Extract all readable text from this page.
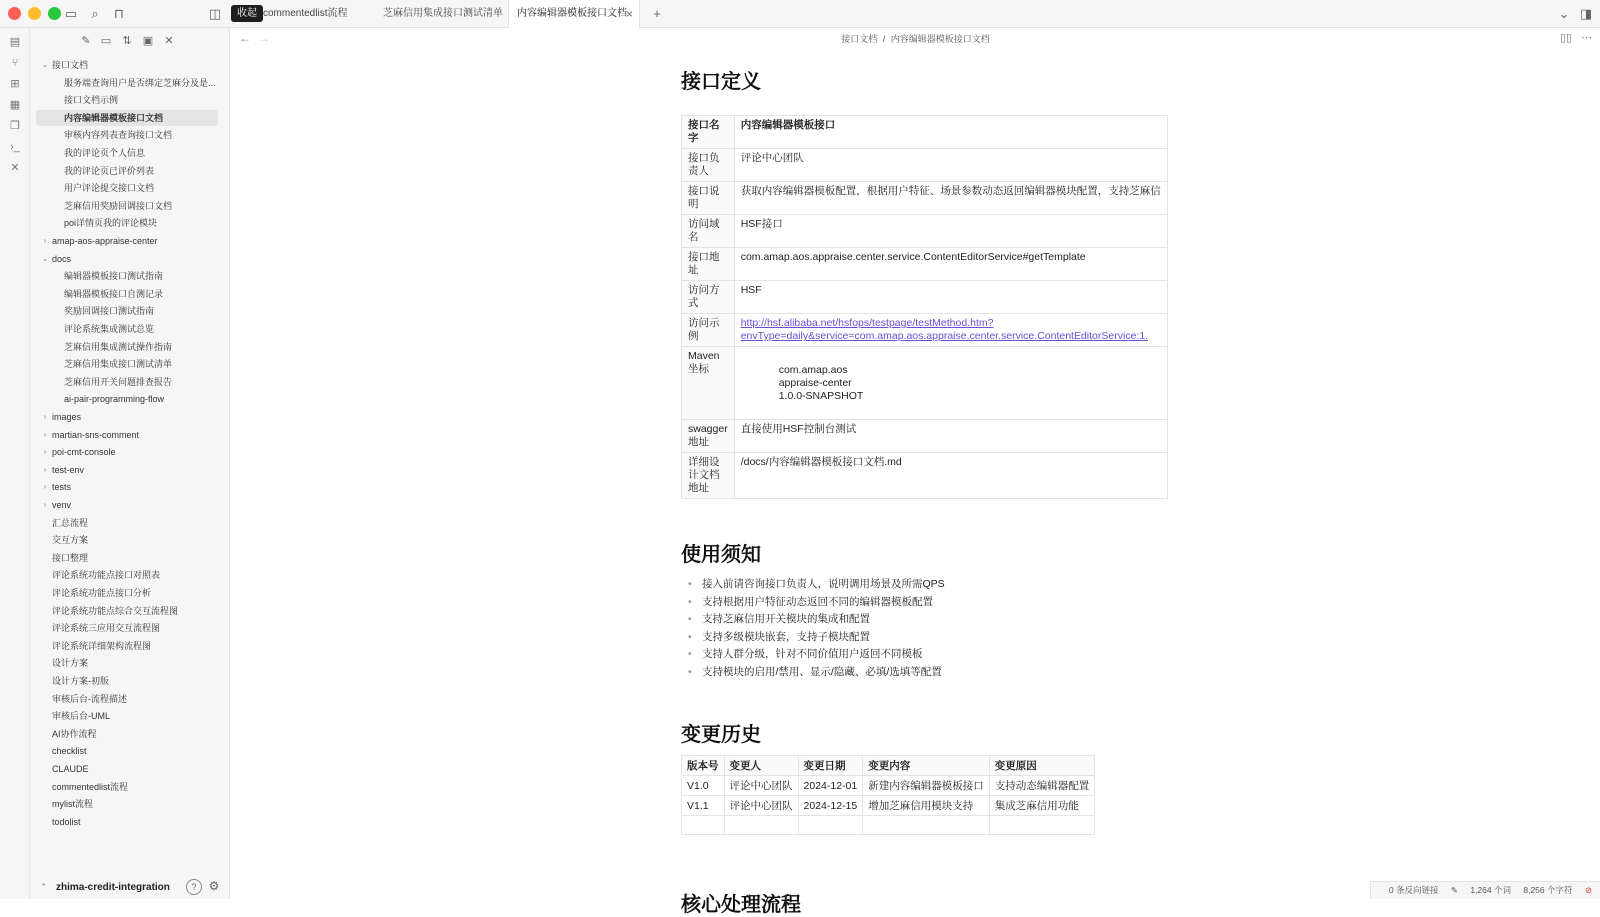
▭	⌕	⊓	◫	收起 commentedlist流程	芝麻信用集成接口测试清单	内容编辑器模板接口文档
×	+	⌄ ◨
▤
⑂
⊞
▦
❐
›_
✕
✎ ▭	⇅	▣	✕
⌄ 接口文档
服务端查询用户是否绑定芝麻分及是...
接口文档示例
内容编辑器模板接口文档
审核内容列表查询接口文档
我的评论页个人信息
我的评论页已评价列表
用户评论提交接口文档
芝麻信用奖励回调接口文档
poi详情页我的评论模块
› amap-aos-appraise-center
⌄ docs
编辑器模板接口测试指南
编辑器模板接口自测记录
奖励回调接口测试指南
评论系统集成测试总览
芝麻信用集成测试操作指南
芝麻信用集成接口测试清单
芝麻信用开关问题排查报告
ai-pair-programming-flow
› images
› martian-sns-comment
› poi-cmt-console
› test-env
› tests
› venv
汇总流程
交互方案
接口整理
评论系统功能点接口对照表
评论系统功能点接口分析
评论系统功能点综合交互流程图
评论系统三应用交互流程图
评论系统详细架构流程图
设计方案
设计方案-初版
审核后台-流程描述
审核后台-UML
AI协作流程
checklist
CLAUDE
commentedlist流程
mylist流程
todolist
⌃ zhima-credit-integration	?	⚙
← →	接口文档 / 内容编辑器模板接口文档	▯▯ ⋯
接口定义
接口名字	内容编辑器模板接口
接口负责人	评论中心团队
接口说明	获取内容编辑器模板配置，根据用户特征、场景参数动态返回编辑器模块配置，支持芝麻信
访问域名	HSF接口
接口地址	com.amap.aos.appraise.center.service.ContentEditorService#getTemplate
访问方式	HSF
访问示例	http://hsf.alibaba.net/hsfops/testpage/testMethod.htm?
envType=daily&service=com.amap.aos.appraise.center.service.ContentEditorService:1.

Maven坐标	com.amap.aos
appraise-center
1.0.0-SNAPSHOT

swagger地址	直接使用HSF控制台测试
详细设计文档地址	/docs/内容编辑器模板接口文档.md
使用须知
• 接入前请咨询接口负责人，说明调用场景及所需QPS
• 支持根据用户特征动态返回不同的编辑器模板配置
• 支持芝麻信用开关模块的集成和配置
• 支持多级模块嵌套，支持子模块配置
• 支持人群分级，针对不同价值用户返回不同模板
• 支持模块的启用/禁用、显示/隐藏、必填/选填等配置
变更历史
版本号	变更人	变更日期	变更内容	变更原因
V1.0	评论中心团队	2024-12-01	新建内容编辑器模板接口	支持动态编辑器配置
V1.1	评论中心团队	2024-12-15	增加芝麻信用模块支持	集成芝麻信用功能

核心处理流程
0 条反向链接 ✎ 1,264 个词 8,256 个字符 ⊘
